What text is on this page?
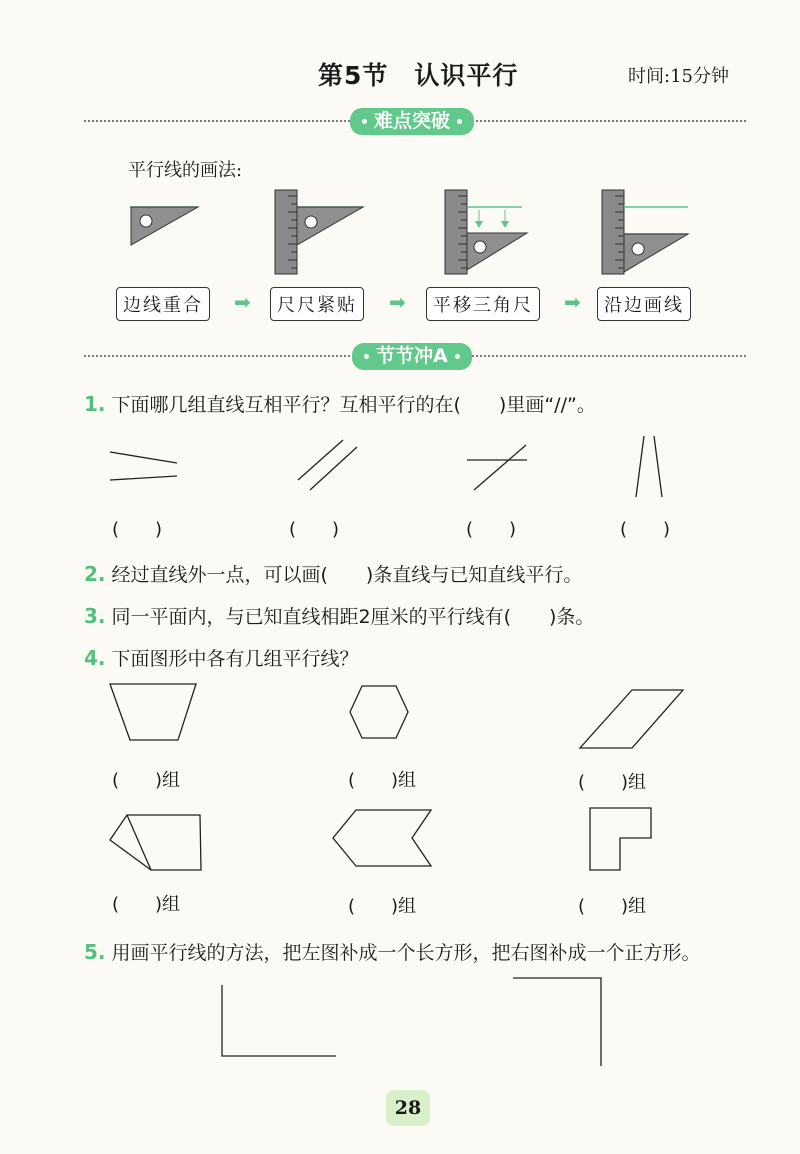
第5节　认识平行	时间:15分钟
难点突破
平行线的画法:
边线重合	➡	尺尺紧贴	➡	平移三角尺	➡	沿边画线
节节冲A
1. 下面哪几组直线互相平行？互相平行的在(　　)里画“//”。
(　　)	(　　)	(　　)	(　　)
2. 经过直线外一点，可以画(　　)条直线与已知直线平行。
3. 同一平面内，与已知直线相距2厘米的平行线有(　　)条。
4. 下面图形中各有几组平行线？
(　　)组	(　　)组	(　　)组
(　　)组	(　　)组	(　　)组
5. 用画平行线的方法，把左图补成一个长方形，把右图补成一个正方形。
28
